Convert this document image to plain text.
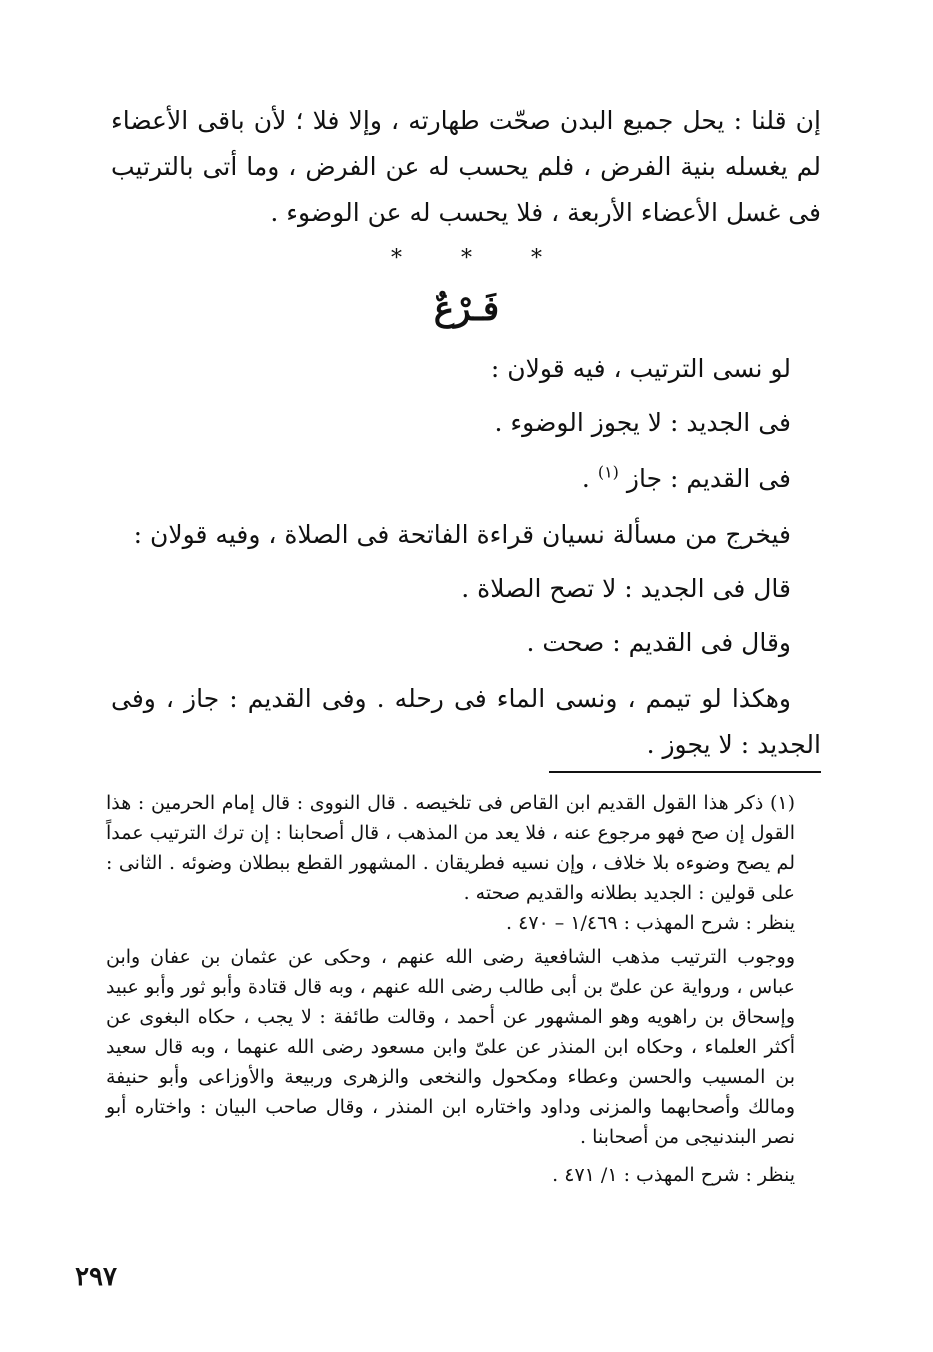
إن قلنا : يحل جميع البدن صحّت طهارته ، وإلا فلا ؛ لأن باقى الأعضاء لم يغسله بنية الفرض ، فلم يحسب له عن الفرض ، وما أتى بالترتيب فى غسل الأعضاء الأربعة ، فلا يحسب له عن الوضوء .
* * *
فَـرْعٌ
لو نسى الترتيب ، فيه قولان :
فى الجديد : لا يجوز الوضوء .
فى القديم : جاز $^{(١)}$ .
فيخرج من مسألة نسيان قراءة الفاتحة فى الصلاة ، وفيه قولان :
قال فى الجديد : لا تصح الصلاة .
وقال فى القديم : صحت .
وهكذا لو تيمم ، ونسى الماء فى رحله . وفى القديم : جاز ، وفى الجديد : لا يجوز .

(١) ذكر هذا القول القديم ابن القاص فى تلخيصه . قال النووى : قال إمام الحرمين : هذا القول إن صح فهو مرجوع عنه ، فلا يعد من المذهب ، قال أصحابنا : إن ترك الترتيب عمداً لم يصح وضوءه بلا خلاف ، وإن نسيه فطريقان . المشهور القطع ببطلان وضوئه . الثانى : على قولين : الجديد بطلانه والقديم صحته .

ينظر : شرح المهذب : ١/٤٦٩ – ٤٧٠ .

ووجوب الترتيب مذهب الشافعية رضى الله عنهم ، وحكى عن عثمان بن عفان وابن عباس ، ورواية عن علىّ بن أبى طالب رضى الله عنهم ، وبه قال قتادة وأبو ثور وأبو عبيد وإسحاق بن راهويه وهو المشهور عن أحمد ، وقالت طائفة : لا يجب ، حكاه البغوى عن أكثر العلماء ، وحكاه ابن المنذر عن علىّ وابن مسعود رضى الله عنهما ، وبه قال سعيد بن المسيب والحسن وعطاء ومكحول والنخعى والزهرى وربيعة والأوزاعى وأبو حنيفة ومالك وأصحابهما والمزنى وداود واختاره ابن المنذر ، وقال صاحب البيان : واختاره أبو نصر البندنيجى من أصحابنا .

ينظر : شرح المهذب : ١/ ٤٧١ .
٢٩٧
